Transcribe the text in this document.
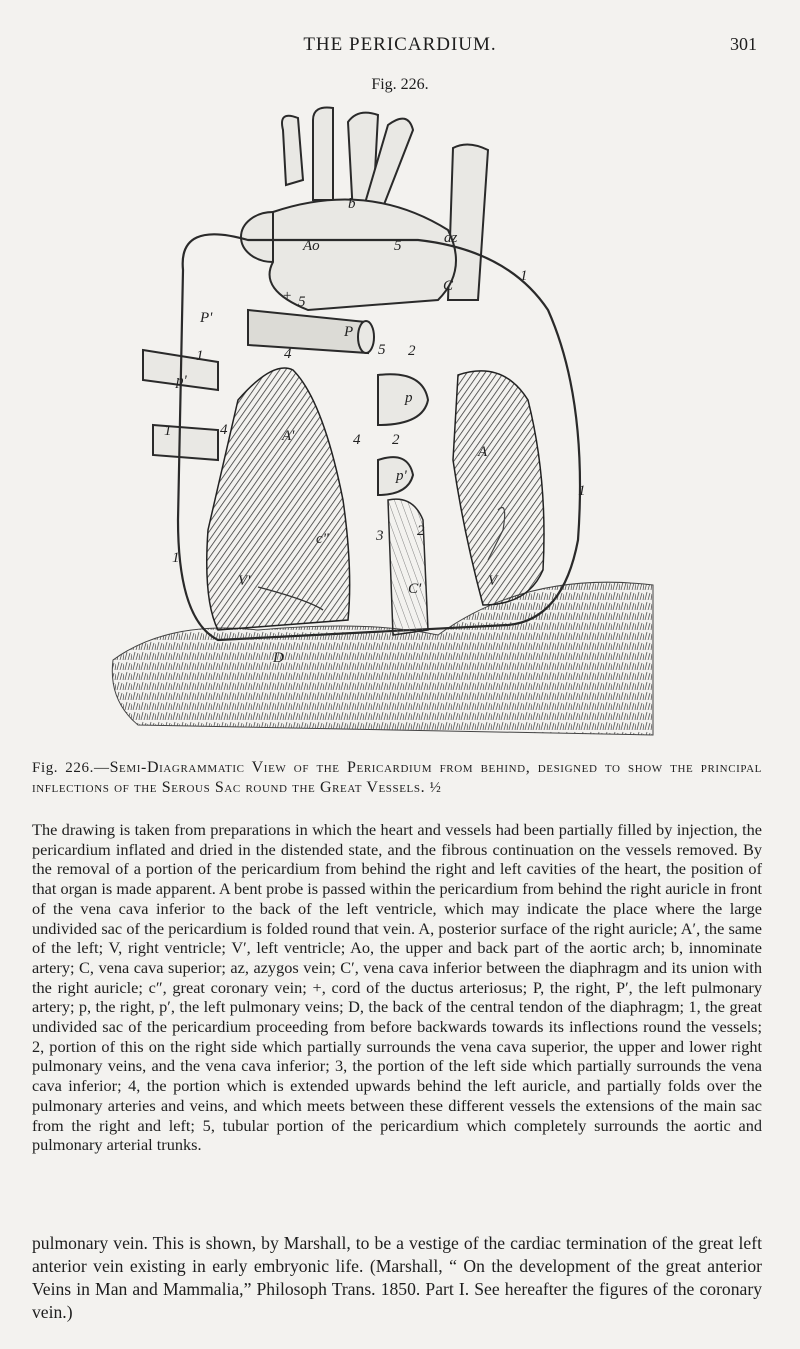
THE PERICARDIUM.	301
Fig. 226.
b
Ao	az
5
C
1
+ 5
P'
P
5
1	4	2
p'
p
1	4	A'
A
4 2
p'
1
c"	3 2
1
V'	C'	V
D
Fig. 226.—Semi-Diagrammatic View of the Pericardium from behind, designed to show the principal inflections of the Serous Sac round the Great Vessels. ½
The drawing is taken from preparations in which the heart and vessels had been partially filled by injection, the pericardium inflated and dried in the distended state, and the fibrous continuation on the vessels removed. By the removal of a portion of the pericardium from behind the right and left cavities of the heart, the position of that organ is made apparent. A bent probe is passed within the pericardium from behind the right auricle in front of the vena cava inferior to the back of the left ventricle, which may indicate the place where the large undivided sac of the pericardium is folded round that vein. A, posterior surface of the right auricle; A′, the same of the left; V, right ventricle; V′, left ventricle; Ao, the upper and back part of the aortic arch; b, innominate artery; C, vena cava superior; az, azygos vein; C′, vena cava inferior between the diaphragm and its union with the right auricle; c″, great coronary vein; +, cord of the ductus arteriosus; P, the right, P′, the left pulmonary artery; p, the right, p′, the left pulmonary veins; D, the back of the central tendon of the diaphragm; 1, the great undivided sac of the pericardium proceeding from before backwards towards its inflections round the vessels; 2, portion of this on the right side which partially surrounds the vena cava superior, the upper and lower right pulmonary veins, and the vena cava inferior; 3, the portion of the left side which partially surrounds the vena cava inferior; 4, the portion which is extended upwards behind the left auricle, and partially folds over the pulmonary arteries and veins, and which meets between these different vessels the extensions of the main sac from the right and left; 5, tubular portion of the pericardium which completely surrounds the aortic and pulmonary arterial trunks.
pulmonary vein. This is shown, by Marshall, to be a vestige of the cardiac termination of the great left anterior vein existing in early embryonic life. (Marshall, “ On the development of the great anterior Veins in Man and Mammalia,” Philosoph Trans. 1850. Part I. See hereafter the figures of the coronary vein.)
